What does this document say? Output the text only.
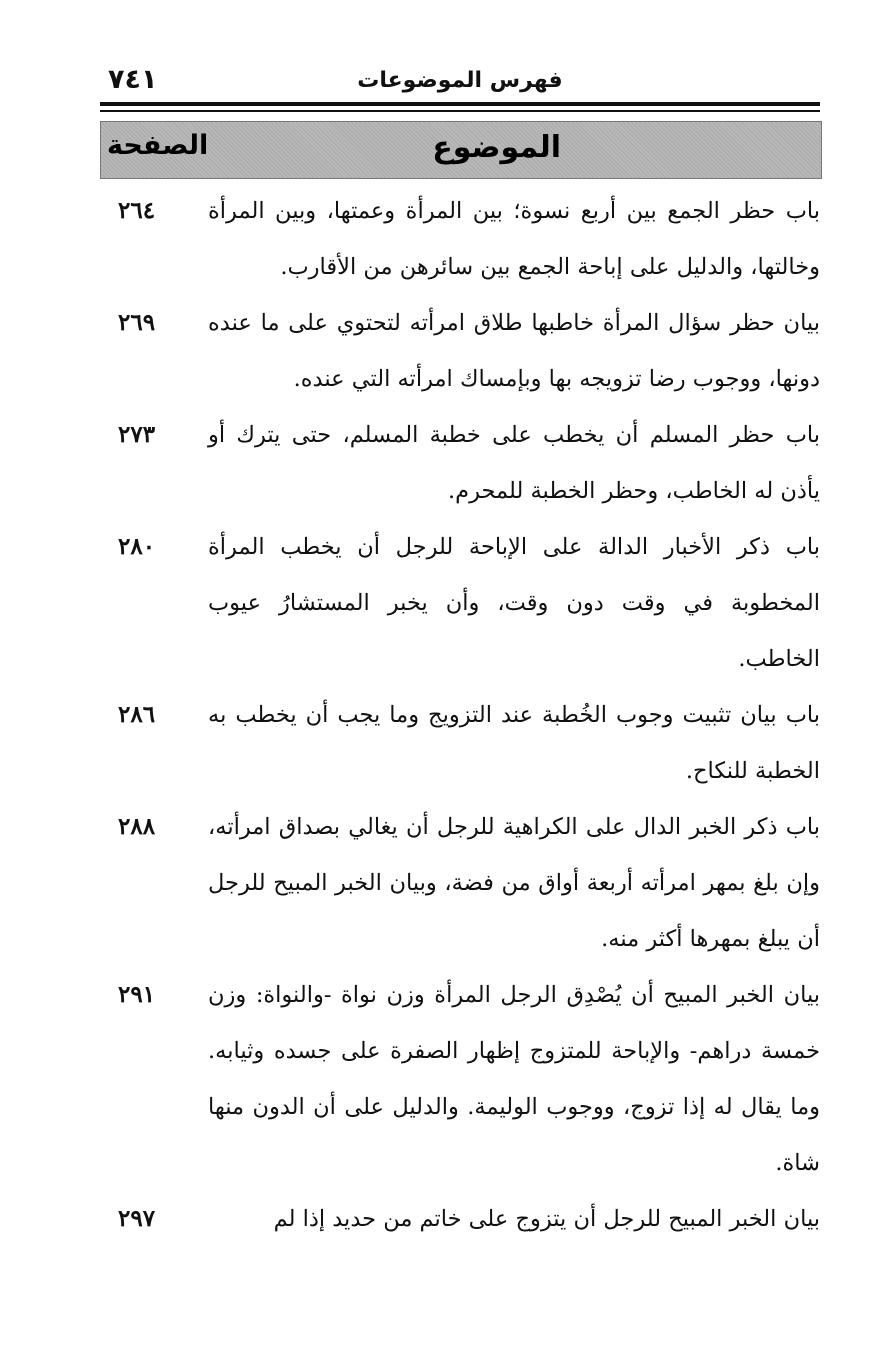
٧٤١	فهرس الموضوعات
الموضوع
الصفحة
باب حظر الجمع بين أربع نسوة؛ بين المرأة وعمتها، وبين المرأة وخالتها، والدليل على إباحة الجمع بين سائرهن من الأقارب.
٢٦٤
بيان حظر سؤال المرأة خاطبها طلاق امرأته لتحتوي على ما عنده دونها، ووجوب رضا تزويجه بها وبإمساك امرأته التي عنده.
٢٦٩
باب حظر المسلم أن يخطب على خطبة المسلم، حتى يترك أو يأذن له الخاطب، وحظر الخطبة للمحرم.
٢٧٣
باب ذكر الأخبار الدالة على الإباحة للرجل أن يخطب المرأة المخطوبة في وقت دون وقت، وأن يخبر المستشارُ عيوب الخاطب.
٢٨٠
باب بيان تثبيت وجوب الخُطبة عند التزويج وما يجب أن يخطب به الخطبة للنكاح.
٢٨٦
باب ذكر الخبر الدال على الكراهية للرجل أن يغالي بصداق امرأته، وإن بلغ بمهر امرأته أربعة أواق من فضة، وبيان الخبر المبيح للرجل أن يبلغ بمهرها أكثر منه.
٢٨٨
بيان الخبر المبيح أن يُصْدِق الرجل المرأة وزن نواة -والنواة: وزن خمسة دراهم- والإباحة للمتزوج إظهار الصفرة على جسده وثيابه. وما يقال له إذا تزوج، ووجوب الوليمة. والدليل على أن الدون منها شاة.
٢٩١
بيان الخبر المبيح للرجل أن يتزوج على خاتم من حديد إذا لم
٢٩٧
